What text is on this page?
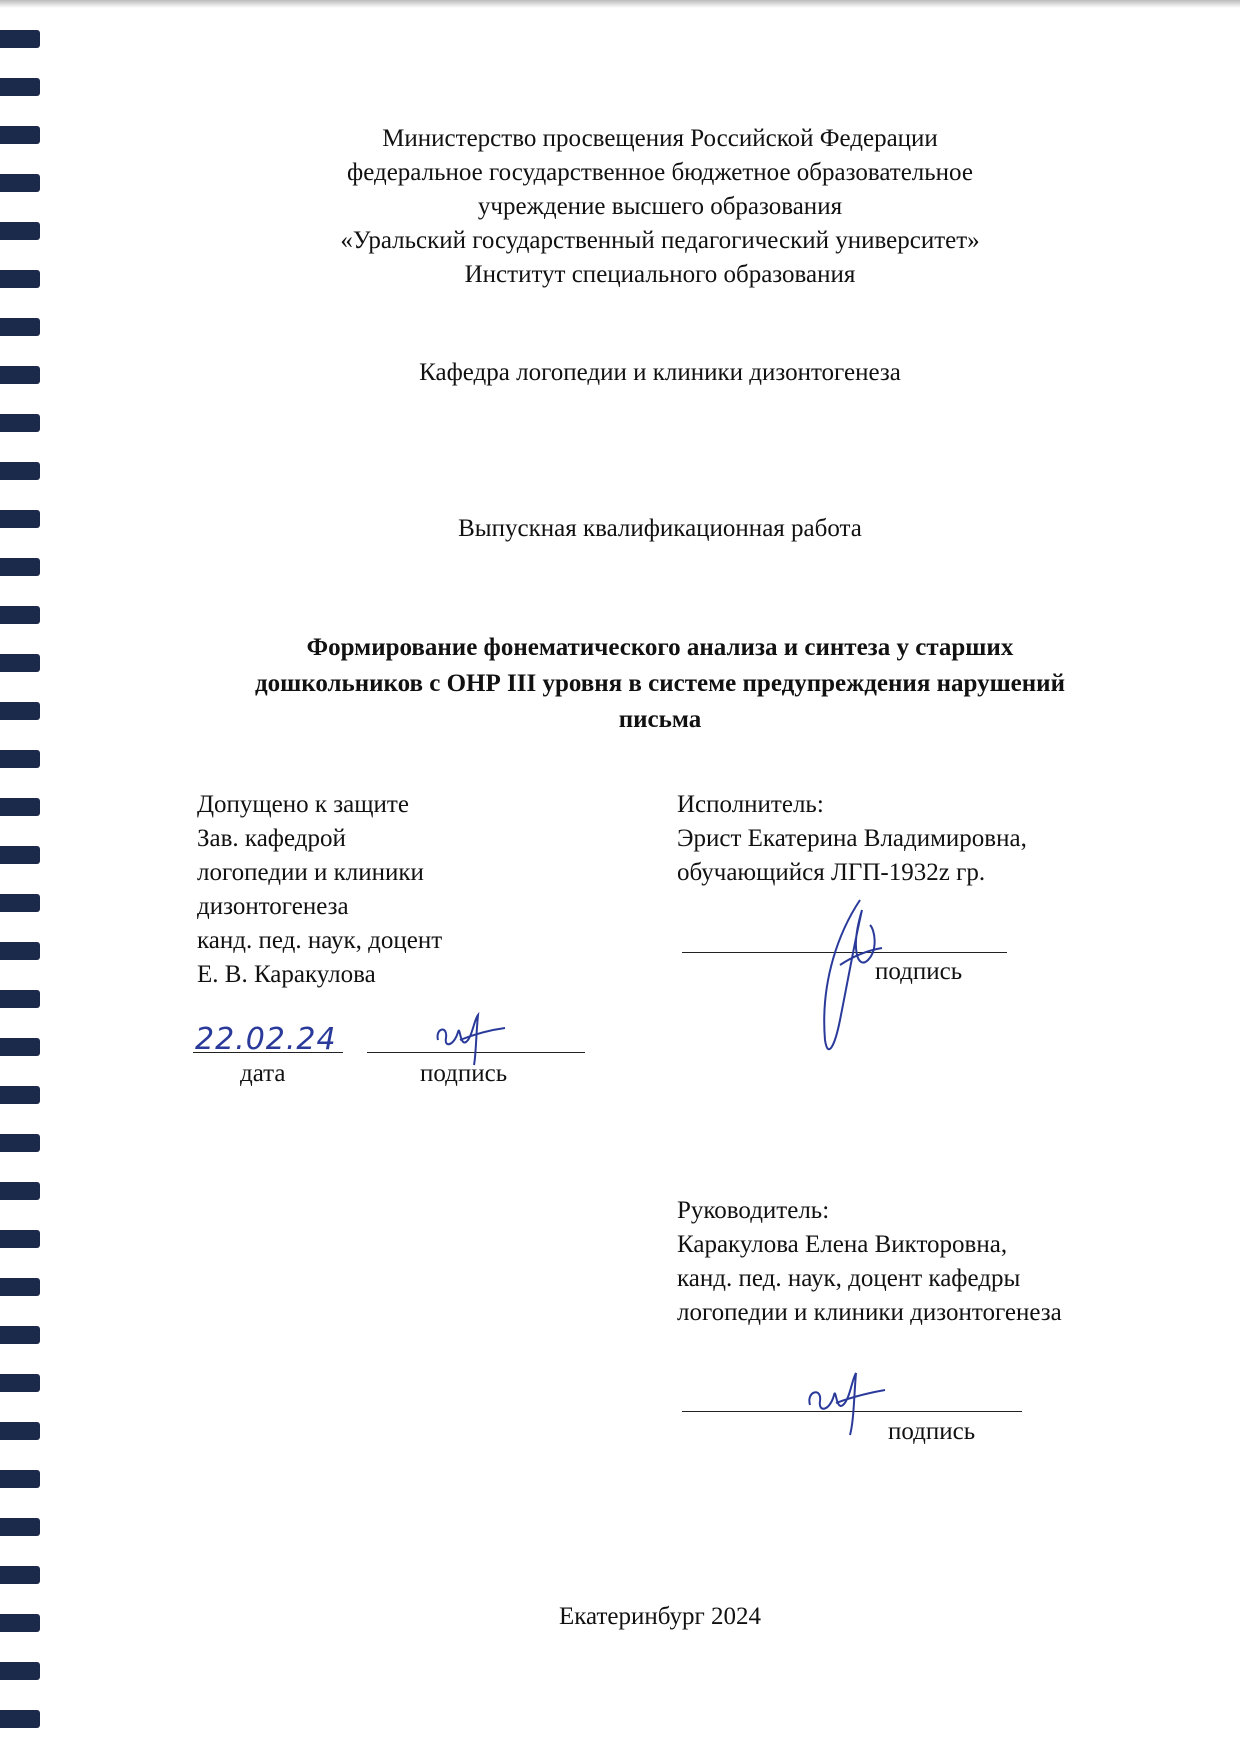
Министерство просвещения Российской Федерации
федеральное государственное бюджетное образовательное
учреждение высшего образования
«Уральский государственный педагогический университет»
Институт специального образования
Кафедра логопедии и клиники дизонтогенеза
Выпускная квалификационная работа
Формирование фонематического анализа и синтеза у старших
дошкольников с ОНР III уровня в системе предупреждения нарушений
письма
Допущено к защите
Зав. кафедрой
логопедии и клиники
дизонтогенеза
канд. пед. наук, доцент
Е. В. Каракулова
Исполнитель:
Эрист Екатерина Владимировна,
обучающийся ЛГП-1932z гр.
подпись
22.02.24
дата	подпись
Руководитель:
Каракулова Елена Викторовна,
канд. пед. наук, доцент кафедры
логопедии и клиники дизонтогенеза
подпись
Екатеринбург 2024
